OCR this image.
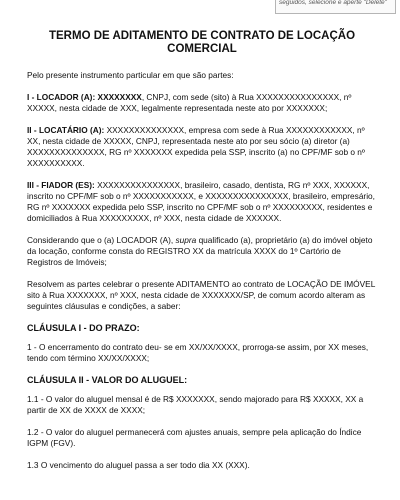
seguidos, selecione e aperte "Delete"
TERMO DE ADITAMENTO DE CONTRATO DE LOCAÇÃO
COMERCIAL

Pelo presente instrumento particular em que são partes:

I - LOCADOR (A): XXXXXXXX, CNPJ, com sede (sito) à Rua XXXXXXXXXXXXXXX, nº XXXXX, nesta cidade de XXX, legalmente representada neste ato por XXXXXXX;

II - LOCATÁRIO (A): XXXXXXXXXXXXXX, empresa com sede à Rua XXXXXXXXXXXX, nº XX, nesta cidade de XXXXX, CNPJ, representada neste ato por seu sócio (a) diretor (a) XXXXXXXXXXXXXX, RG nº XXXXXXX expedida pela SSP, inscrito (a) no CPF/MF sob o nº XXXXXXXXXX.

III - FIADOR (ES): XXXXXXXXXXXXXXX, brasileiro, casado, dentista, RG nº XXX, XXXXXX, inscrito no CPF/MF sob o nº XXXXXXXXXXX, e XXXXXXXXXXXXXXX, brasileiro, empresário, RG nº XXXXXXX expedida pelo SSP, inscrito no CPF/MF sob o nº XXXXXXXXX, residentes e domiciliados à Rua XXXXXXXXX, nº XXX, nesta cidade de XXXXXX.

Considerando que o (a) LOCADOR (A), supra qualificado (a), proprietário (a) do imóvel objeto da locação, conforme consta do REGISTRO XX da matrícula XXXX do 1º Cartório de Registros de Imóveis;

Resolvem as partes celebrar o presente ADITAMENTO ao contrato de LOCAÇÃO DE IMÓVEL sito à Rua XXXXXXX, nº XXX, nesta cidade de XXXXXXX/SP, de comum acordo alteram as seguintes cláusulas e condições, a saber:

CLÁUSULA I - DO PRAZO:

1 - O encerramento do contrato deu- se em XX/XX/XXXX, prorroga-se assim, por XX meses, tendo com término XX/XX/XXXX;

CLÁUSULA II - VALOR DO ALUGUEL:

1.1 - O valor do aluguel mensal é de R$ XXXXXXX, sendo majorado para R$ XXXXX, XX a partir de XX de XXXX de XXXX;

1.2 - O valor do aluguel permanecerá com ajustes anuais, sempre pela aplicação do Índice IGPM (FGV).

1.3 O vencimento do aluguel passa a ser todo dia XX (XXX).
